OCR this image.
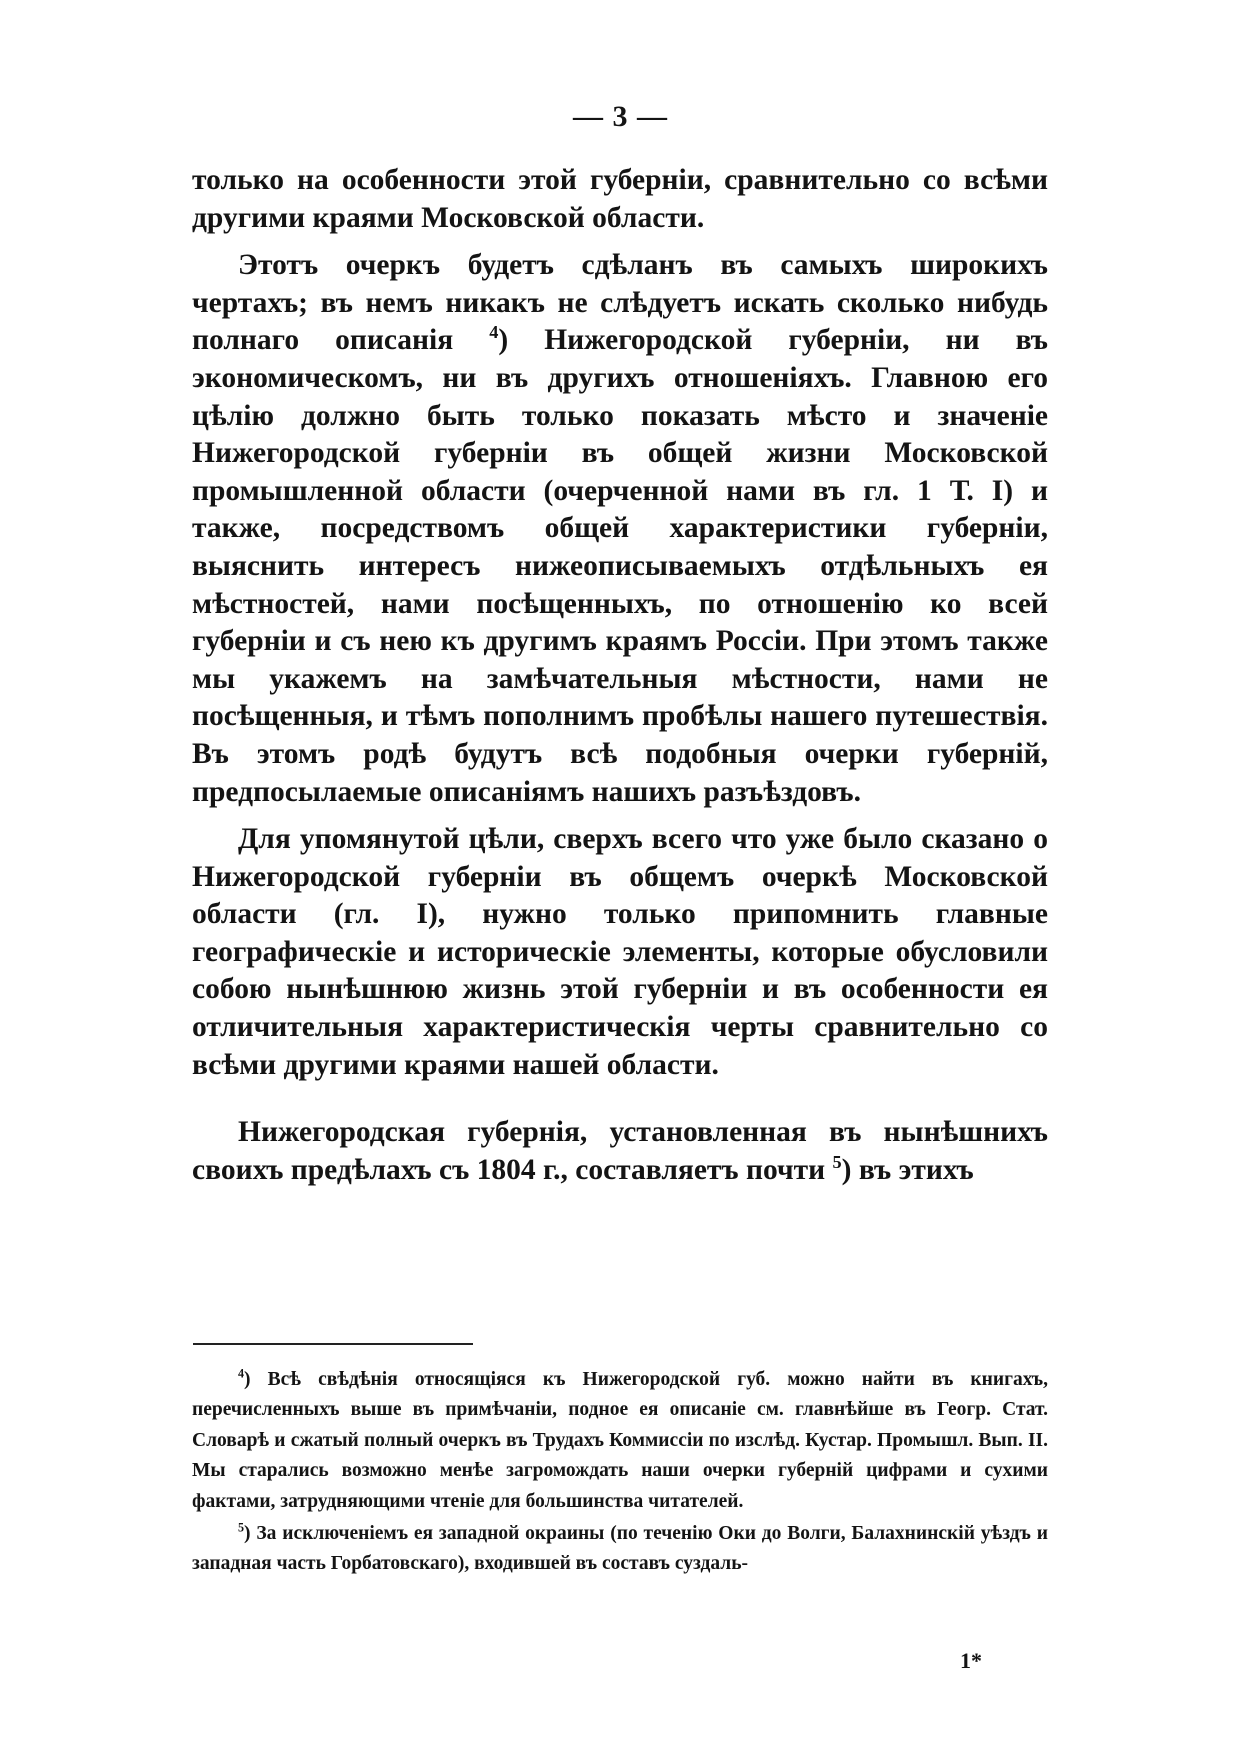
— 3 —

только на особенности этой губерніи, сравнительно со всѣми другими краями Московской области.

Этотъ очеркъ будетъ сдѣланъ въ самыхъ широкихъ чертахъ; въ немъ никакъ не слѣдуетъ искать сколько нибудь полнаго описанія $^4$) Нижегородской губерніи, ни въ экономическомъ, ни въ другихъ отношеніяхъ. Главною его цѣлію должно быть только показать мѣсто и значеніе Нижегородской губерніи въ общей жизни Московской промышленной области (очерченной нами въ гл. 1 Т. I) и также, посредствомъ общей характеристики губерніи, выяснить интересъ нижеописываемыхъ отдѣльныхъ ея мѣстностей, нами посѣщенныхъ, по отношенію ко всей губерніи и съ нею къ другимъ краямъ Россіи. При этомъ также мы укажемъ на замѣчательныя мѣстности, нами не посѣщенныя, и тѣмъ пополнимъ пробѣлы нашего путешествія. Въ этомъ родѣ будутъ всѣ подобныя очерки губерній, предпосылаемые описаніямъ нашихъ разъѣздовъ.

Для упомянутой цѣли, сверхъ всего что уже было сказано о Нижегородской губерніи въ общемъ очеркѣ Московской области (гл. I), нужно только припомнить главные географическіе и историческіе элементы, которые обусловили собою нынѣшнюю жизнь этой губерніи и въ особенности ея отличительныя характеристическія черты сравнительно со всѣми другими краями нашей области.

Нижегородская губернія, установленная въ нынѣшнихъ своихъ предѣлахъ съ 1804 г., составляетъ почти $^5$) въ этихъ

$^4$) Всѣ свѣдѣнія относящіяся къ Нижегородской губ. можно найти въ книгахъ, перечисленныхъ выше въ примѣчаніи, подное ея описаніе см. главнѣйше въ Геогр. Стат. Словарѣ и сжатый полный очеркъ въ Трудахъ Коммиссіи по изслѣд. Кустар. Промышл. Вып. II. Мы старались возможно менѣе загромождать наши очерки губерній цифрами и сухими фактами, затрудняющими чтеніе для большинства читателей.

$^5$) За исключеніемъ ея западной окраины (по теченію Оки до Волги, Балахнинскій уѣздъ и западная часть Горбатовскаго), входившей въ составъ суздаль-

1*
